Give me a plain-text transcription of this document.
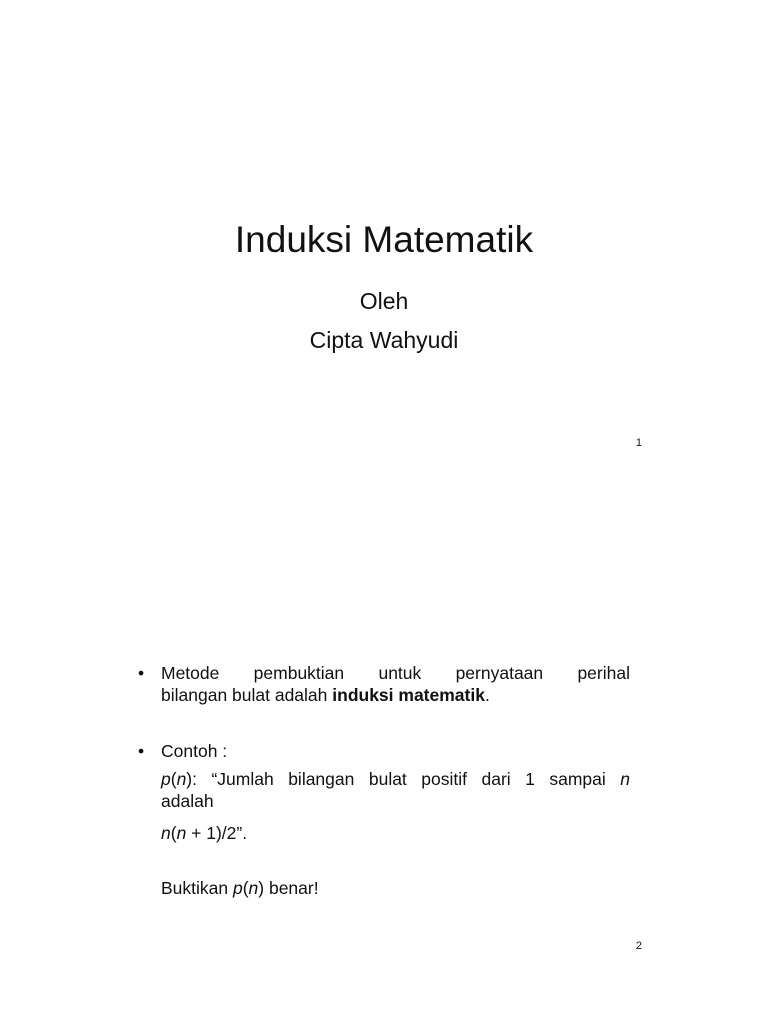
Induksi Matematik
Oleh
Cipta Wahyudi
1
• Metode pembuktian untuk pernyataan perihal
bilangan bulat adalah induksi matematik.
• Contoh :
p(n): “Jumlah bilangan bulat positif dari 1 sampai n
adalah
n(n + 1)/2”.
Buktikan p(n) benar!
2
